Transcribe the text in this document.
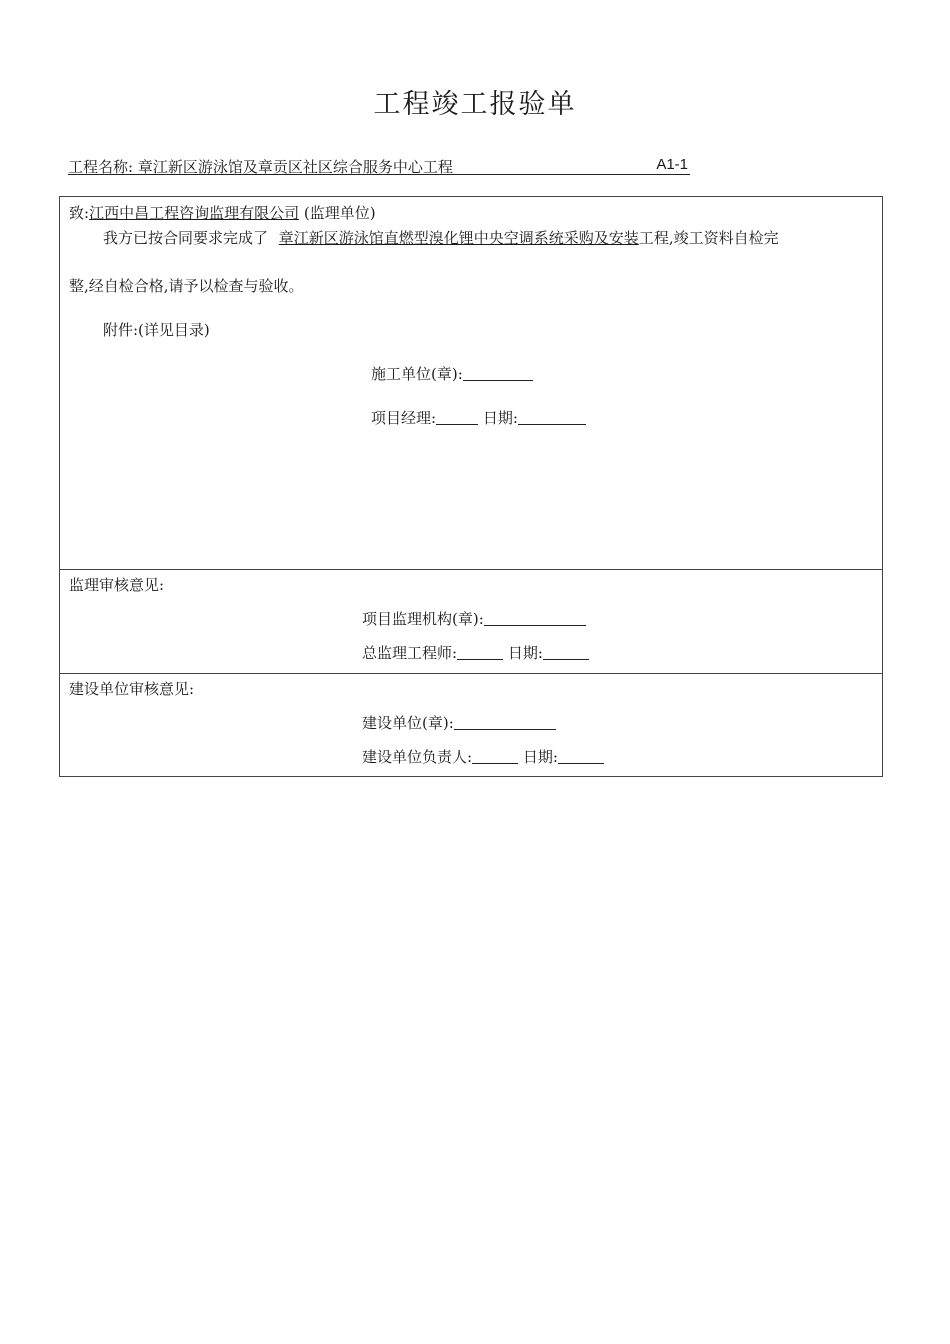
工程竣工报验单
工程名称: 章江新区游泳馆及章贡区社区综合服务中心工程	A1-1
致:江西中昌工程咨询监理有限公司 (监理单位)
我方已按合同要求完成了 章江新区游泳馆直燃型溴化锂中央空调系统采购及安装工程,竣工资料自检完
整,经自检合格,请予以检查与验收。
附件:(详见目录)
施工单位(章):
项目经理:	日期:
监理审核意见:
项目监理机构(章):
总监理工程师:	日期:
建设单位审核意见:
建设单位(章):
建设单位负责人:	日期:
